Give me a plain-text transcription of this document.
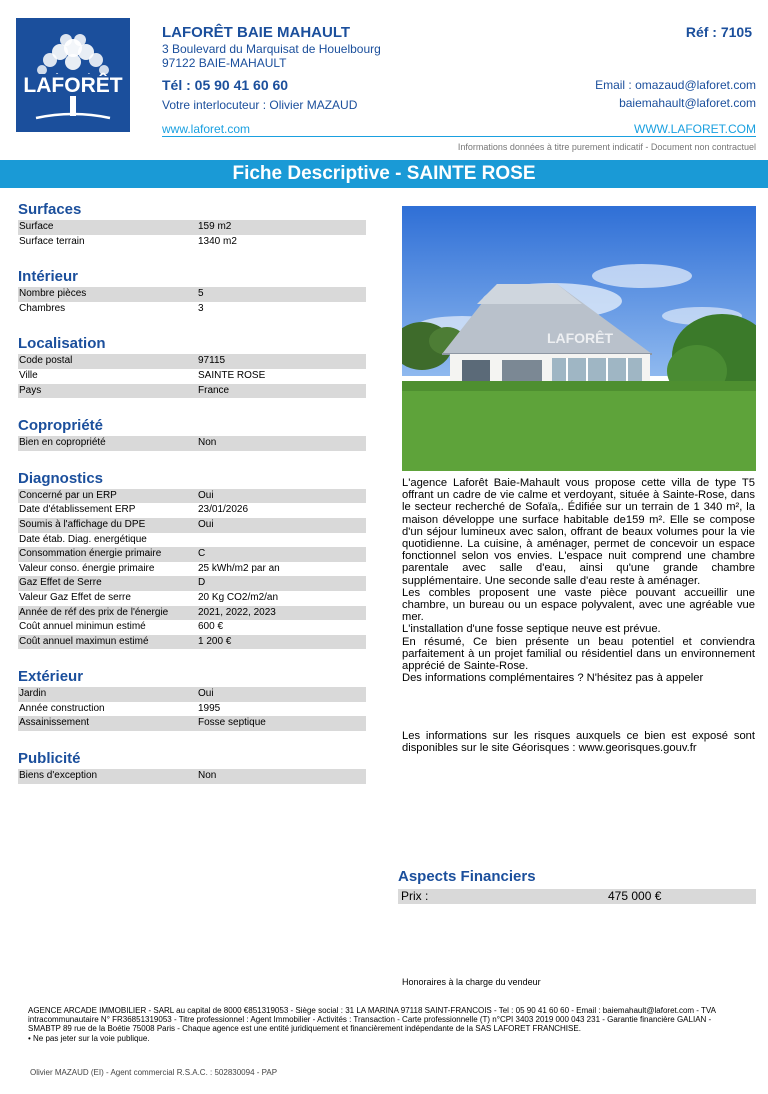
LAFORÊT
LAFORÊT BAIE MAHAULT
3 Boulevard du Marquisat de Houelbourg
97122 BAIE-MAHAULT
Tél : 05 90 41 60 60
Votre interlocuteur : Olivier MAZAUD
www.laforet.com
Réf : 7105
Email : omazaud@laforet.com
baiemahault@laforet.com
WWW.LAFORET.COM
Informations données à titre purement indicatif - Document non contractuel
Fiche Descriptive - SAINTE ROSE
Surfaces
Surface	159 m2
Surface terrain	1340 m2
Intérieur
Nombre pièces	5
Chambres	3
Localisation
Code postal	97115
Ville	SAINTE ROSE
Pays	France
Copropriété
Bien en copropriété	Non
Diagnostics
Concerné par un ERP	Oui
Date d'établissement ERP	23/01/2026
Soumis à l'affichage du DPE	Oui
Date étab. Diag. energétique
Consommation énergie primaire	C
Valeur conso. énergie primaire	25 kWh/m2 par an
Gaz Effet de Serre	D
Valeur Gaz Effet de serre	20 Kg CO2/m2/an
Année de réf des prix de l'énergie	2021, 2022, 2023
Coût annuel minimun estimé	600 €
Coût annuel maximun estimé	1 200 €
Extérieur
Jardin	Oui
Année construction	1995
Assainissement	Fosse septique
Publicité
Biens d'exception	Non
LAFORÊT

L'agence Laforêt Baie-Mahault vous propose cette villa de type T5 offrant un cadre de vie calme et verdoyant, située à Sainte-Rose, dans le secteur recherché de Sofaïa,. Édifiée sur un terrain de 1 340 m², la maison développe une surface habitable de159 m². Elle se compose d'un séjour lumineux avec salon, offrant de beaux volumes pour la vie quotidienne. La cuisine, à aménager, permet de concevoir un espace fonctionnel selon vos envies. L'espace nuit comprend une chambre parentale avec salle d'eau, ainsi qu'une grande chambre supplémentaire. Une seconde salle d'eau reste à aménager.

Les combles proposent une vaste pièce pouvant accueillir une chambre, un bureau ou un espace polyvalent, avec une agréable vue mer.

L'installation d'une fosse septique neuve est prévue.

En résumé, Ce bien présente un beau potentiel et conviendra parfaitement à un projet familial ou résidentiel dans un environnement apprécié de Sainte-Rose.

Des informations complémentaires ? N'hésitez pas à appeler

Les informations sur les risques auxquels ce bien est exposé sont disponibles sur le site Géorisques : www.georisques.gouv.fr
Aspects Financiers
Prix :	475 000 €
Honoraires à la charge du vendeur
AGENCE ARCADE IMMOBILIER - SARL au capital de 8000 €851319053 - Siège social : 31 LA MARINA 97118 SAINT-FRANCOIS - Tel : 05 90 41 60 60 - Email : baiemahault@laforet.com - TVA intracommunautaire N° FR36851319053 - Titre professionnel : Agent Immobilier - Activités : Transaction - Carte professionnelle (T) n°CPI 3403 2019 000 043 231 - Garantie financière GALIAN - SMABTP 89 rue de la Boétie 75008 Paris - Chaque agence est une entité juridiquement et financièrement indépendante de la SAS LAFORET FRANCHISE.
• Ne pas jeter sur la voie publique.
Olivier MAZAUD (EI) - Agent commercial R.S.A.C. : 502830094 - PAP
